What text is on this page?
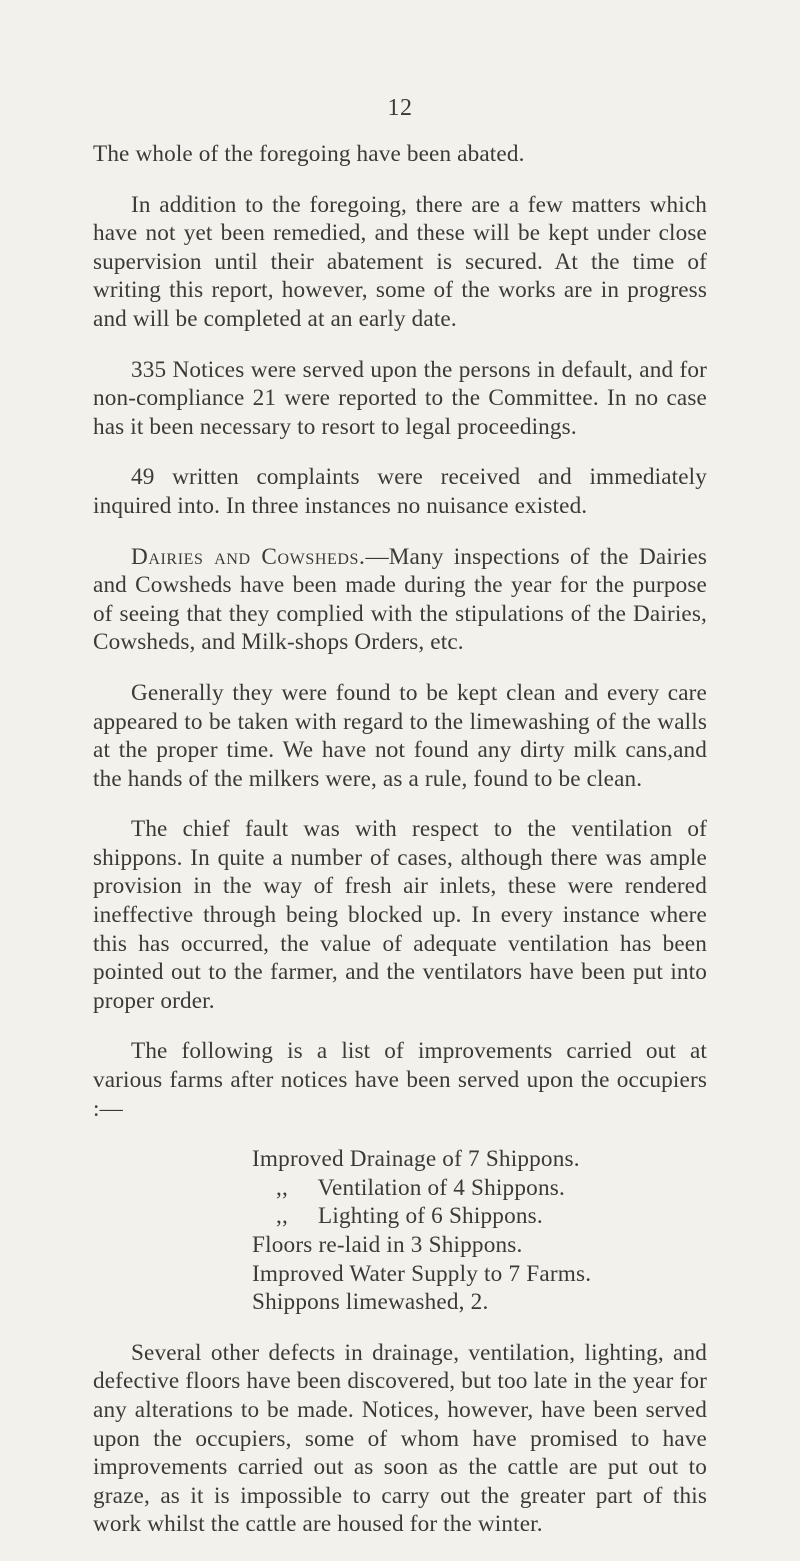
12

The whole of the foregoing have been abated.

In addition to the foregoing, there are a few matters which have not yet been remedied, and these will be kept under close supervision until their abatement is secured. At the time of writing this report, however, some of the works are in progress and will be completed at an early date.

335 Notices were served upon the persons in default, and for non-compliance 21 were reported to the Committee. In no case has it been necessary to resort to legal proceedings.

49 written complaints were received and immediately inquired into. In three instances no nuisance existed.

Dairies and Cowsheds.—Many inspections of the Dairies and Cowsheds have been made during the year for the purpose of seeing that they complied with the stipulations of the Dairies, Cowsheds, and Milk-shops Orders, etc.

Generally they were found to be kept clean and every care appeared to be taken with regard to the limewashing of the walls at the proper time. We have not found any dirty milk cans,and the hands of the milkers were, as a rule, found to be clean.

The chief fault was with respect to the ventilation of shippons. In quite a number of cases, although there was ample provision in the way of fresh air inlets, these were rendered ineffective through being blocked up. In every instance where this has occurred, the value of adequate ventilation has been pointed out to the farmer, and the ventilators have been put into proper order.

The following is a list of improvements carried out at various farms after notices have been served upon the occupiers :—

Improved Drainage of 7 Shippons.
,, Ventilation of 4 Shippons.
,, Lighting of 6 Shippons.
Floors re-laid in 3 Shippons.
Improved Water Supply to 7 Farms.
Shippons limewashed, 2.

Several other defects in drainage, ventilation, lighting, and defective floors have been discovered, but too late in the year for any alterations to be made. Notices, however, have been served upon the occupiers, some of whom have promised to have improvements carried out as soon as the cattle are put out to graze, as it is impossible to carry out the greater part of this work whilst the cattle are housed for the winter.
